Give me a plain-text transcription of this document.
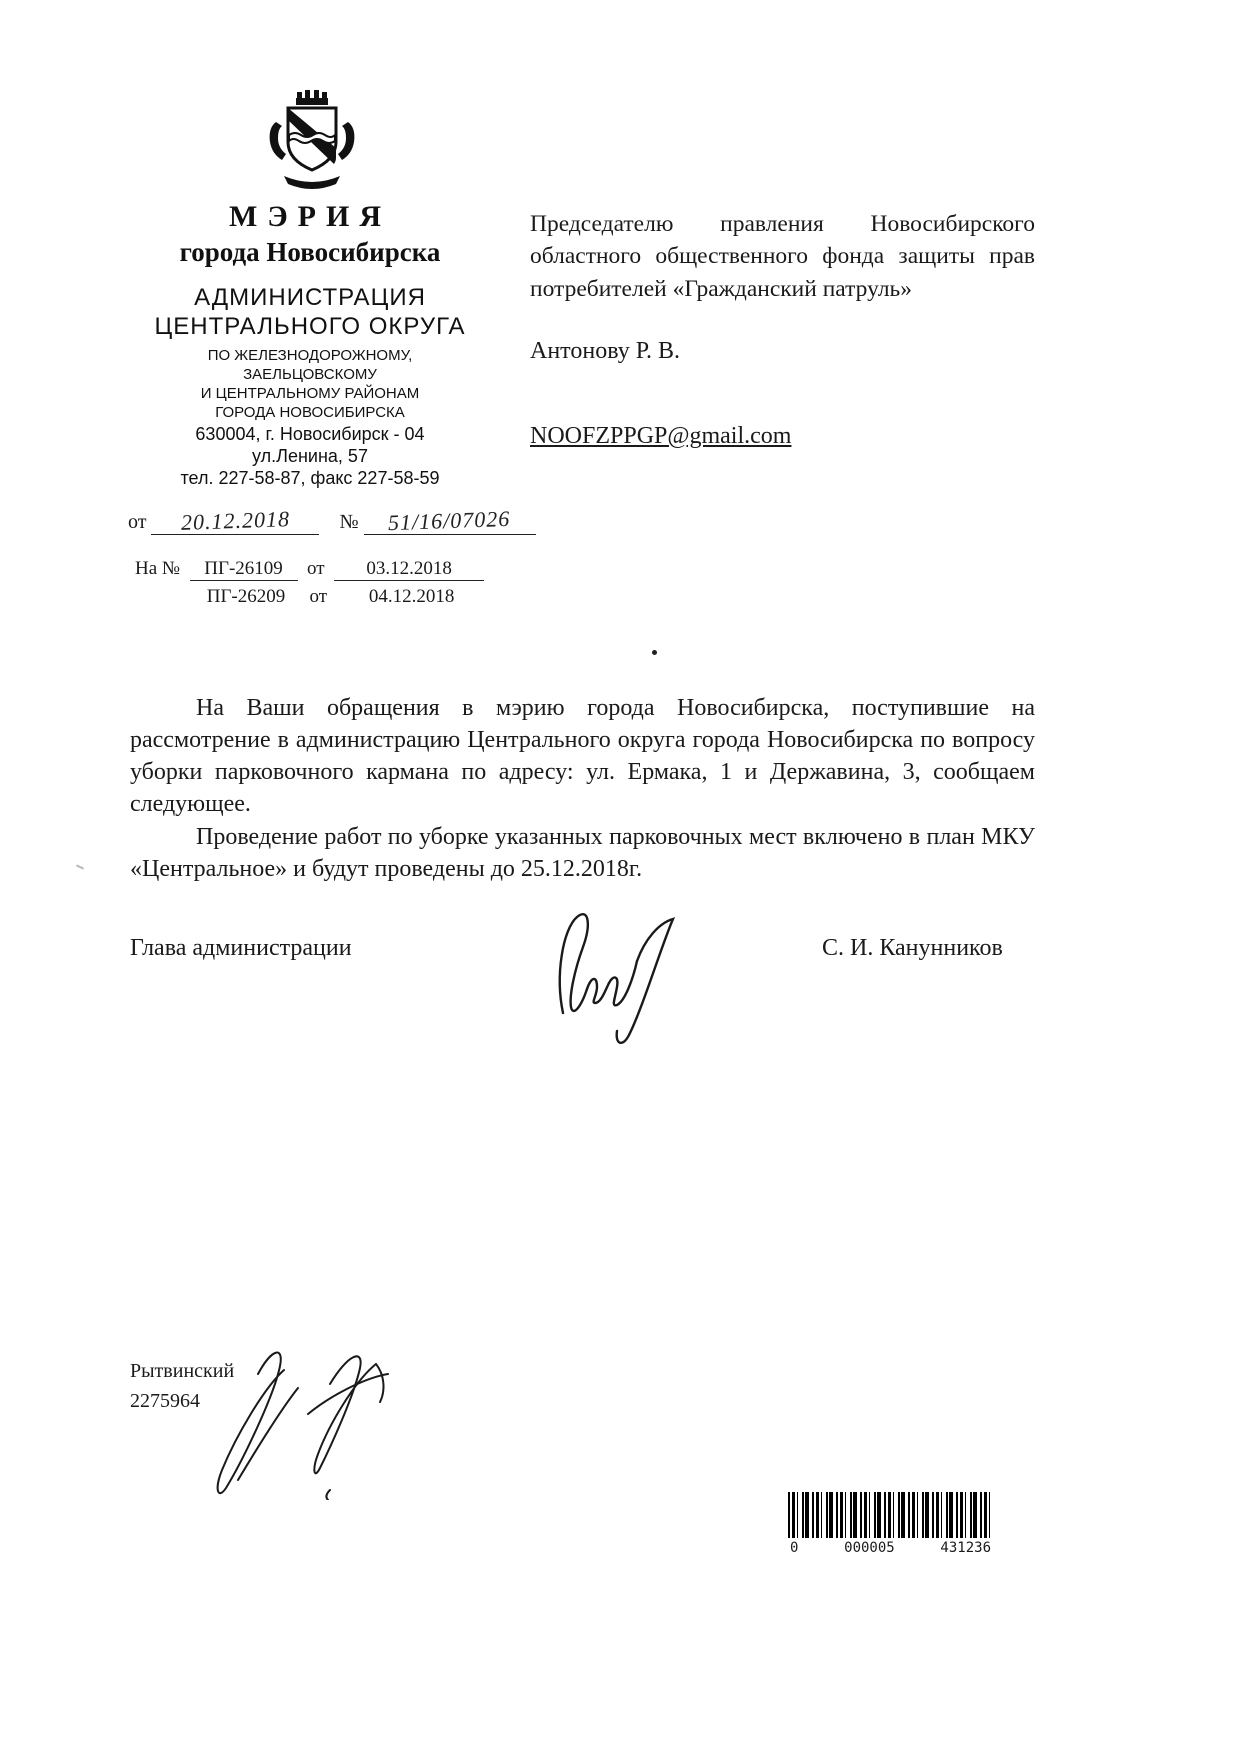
МЭРИЯ
города Новосибирска
АДМИНИСТРАЦИЯ
ЦЕНТРАЛЬНОГО ОКРУГА
ПО ЖЕЛЕЗНОДОРОЖНОМУ,
ЗАЕЛЬЦОВСКОМУ
И ЦЕНТРАЛЬНОМУ РАЙОНАМ
ГОРОДА НОВОСИБИРСКА
630004, г. Новосибирск - 04
ул.Ленина, 57
тел. 227-58-87, факс 227-58-59
от 20.12.2018 № 51/16/07026
На № ПГ-26109 от 03.12.2018
ПГ-26209 от 04.12.2018
Председателю правления Новосибирского областного общественного фонда защиты прав потребителей «Гражданский патруль»
Антонову Р. В.
NOOFZPPGP@gmail.com

На Ваши обращения в мэрию города Новосибирска, поступившие на рассмотрение в администрацию Центрального округа города Новосибирска по вопросу уборки парковочного кармана по адресу: ул. Ермака, 1 и Державина, 3, сообщаем следующее.

Проведение работ по уборке указанных парковочных мест включено в план МКУ «Центральное» и будут проведены до 25.12.2018г.

Глава администрации	С. И. Канунников
Рытвинский
2275964
0	000005	431236
